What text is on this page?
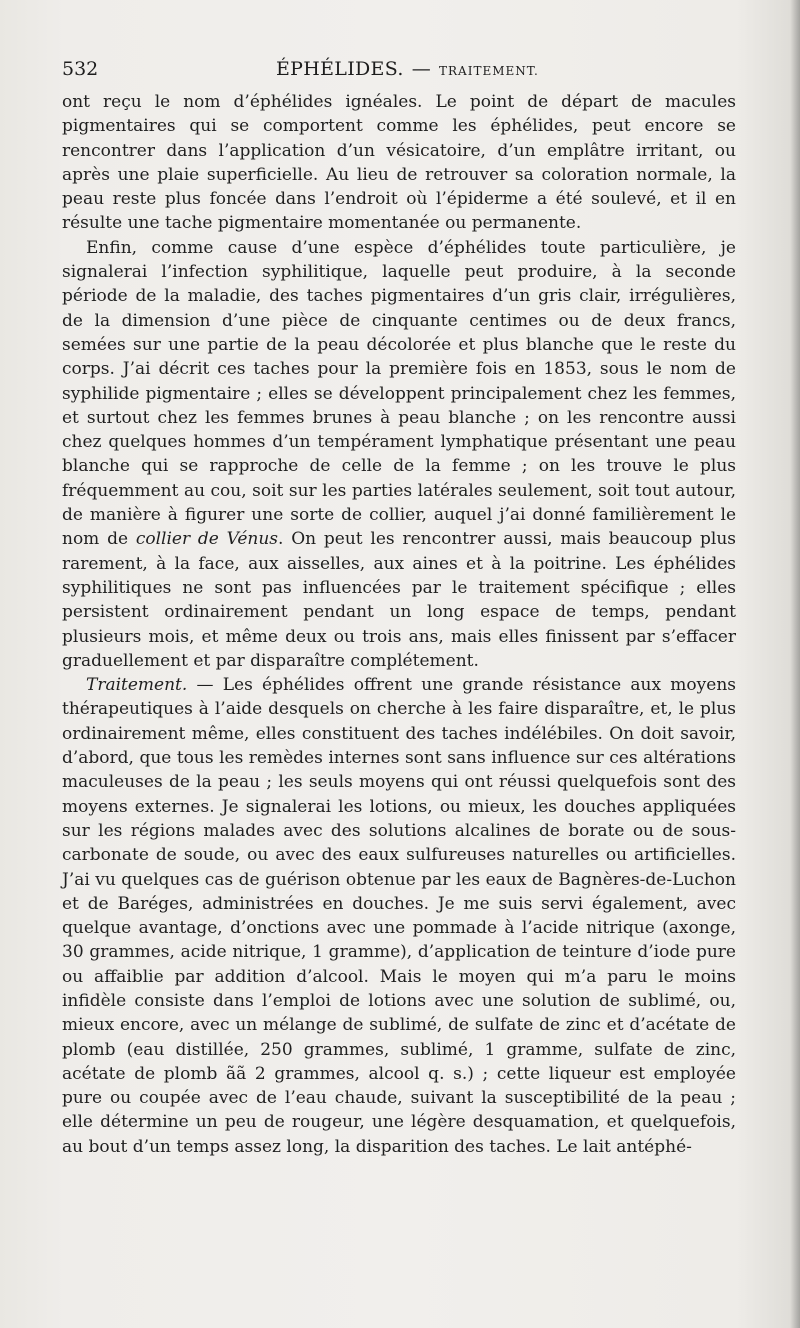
532	ÉPHÉLIDES. — TRAITEMENT.

ont reçu le nom d’éphélides ignéales. Le point de départ de macules pigmentaires qui se comportent comme les éphélides, peut encore se rencontrer dans l’application d’un vésicatoire, d’un emplâtre irritant, ou après une plaie superficielle. Au lieu de retrouver sa coloration normale, la peau reste plus foncée dans l’endroit où l’épiderme a été soulevé, et il en résulte une tache pigmentaire momentanée ou permanente.

Enfin, comme cause d’une espèce d’éphélides toute particulière, je signalerai l’infection syphilitique, laquelle peut produire, à la seconde période de la maladie, des taches pigmentaires d’un gris clair, irrégulières, de la dimension d’une pièce de cinquante centimes ou de deux francs, semées sur une partie de la peau décolorée et plus blanche que le reste du corps. J’ai décrit ces taches pour la première fois en 1853, sous le nom de syphilide pigmentaire ; elles se développent principalement chez les femmes, et surtout chez les femmes brunes à peau blanche ; on les rencontre aussi chez quelques hommes d’un tempérament lymphatique présentant une peau blanche qui se rapproche de celle de la femme ; on les trouve le plus fréquemment au cou, soit sur les parties latérales seulement, soit tout autour, de manière à figurer une sorte de collier, auquel j’ai donné familièrement le nom de collier de Vénus. On peut les rencontrer aussi, mais beaucoup plus rarement, à la face, aux aisselles, aux aines et à la poitrine. Les éphélides syphilitiques ne sont pas influencées par le traitement spécifique ; elles persistent ordinairement pendant un long espace de temps, pendant plusieurs mois, et même deux ou trois ans, mais elles finissent par s’effacer graduellement et par disparaître complétement.

Traitement. — Les éphélides offrent une grande résistance aux moyens thérapeutiques à l’aide desquels on cherche à les faire disparaître, et, le plus ordinairement même, elles constituent des taches indélébiles. On doit savoir, d’abord, que tous les remèdes internes sont sans influence sur ces altérations maculeuses de la peau ; les seuls moyens qui ont réussi quelquefois sont des moyens externes. Je signalerai les lotions, ou mieux, les douches appliquées sur les régions malades avec des solutions alcalines de borate ou de sous-carbonate de soude, ou avec des eaux sulfureuses naturelles ou artificielles. J’ai vu quelques cas de guérison obtenue par les eaux de Bagnères-de-Luchon et de Baréges, administrées en douches. Je me suis servi également, avec quelque avantage, d’onctions avec une pommade à l’acide nitrique (axonge, 30 grammes, acide nitrique, 1 gramme), d’application de teinture d’iode pure ou affaiblie par addition d’alcool. Mais le moyen qui m’a paru le moins infidèle consiste dans l’emploi de lotions avec une solution de sublimé, ou, mieux encore, avec un mélange de sublimé, de sulfate de zinc et d’acétate de plomb (eau distillée, 250 grammes, sublimé, 1 gramme, sulfate de zinc, acétate de plomb ãã 2 grammes, alcool q. s.) ; cette liqueur est employée pure ou coupée avec de l’eau chaude, suivant la susceptibilité de la peau ; elle détermine un peu de rougeur, une légère desquamation, et quelquefois, au bout d’un temps assez long, la disparition des taches. Le lait antéphé-
